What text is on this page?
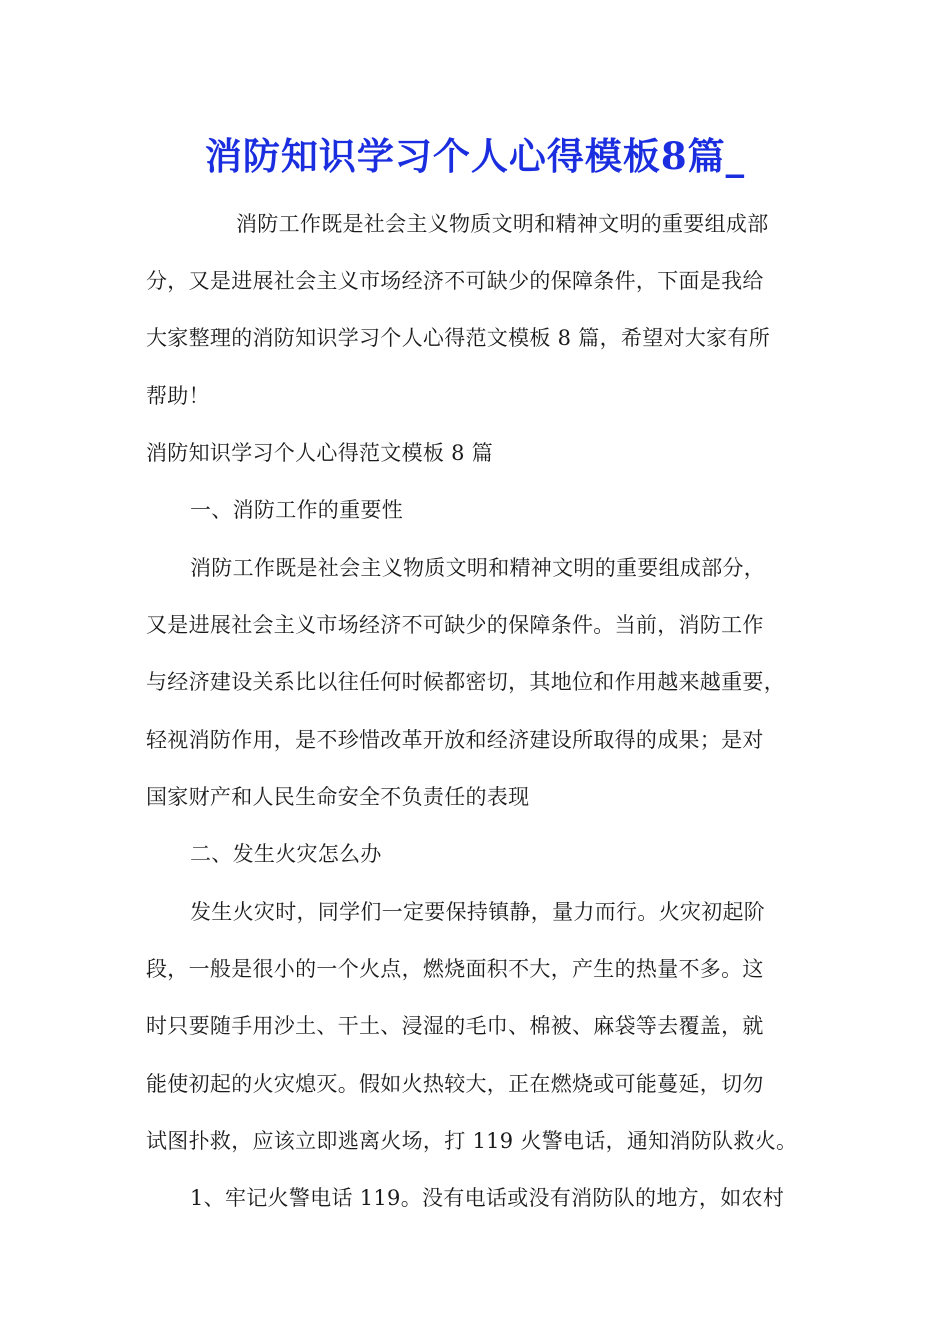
消防知识学习个人心得模板8篇_
消防工作既是社会主义物质文明和精神文明的重要组成部
分，又是进展社会主义市场经济不可缺少的保障条件，下面是我给
大家整理的消防知识学习个人心得范文模板 8 篇，希望对大家有所
帮助！
消防知识学习个人心得范文模板 8 篇
一、消防工作的重要性
消防工作既是社会主义物质文明和精神文明的重要组成部分，
又是进展社会主义市场经济不可缺少的保障条件。当前，消防工作
与经济建设关系比以往任何时候都密切，其地位和作用越来越重要，
轻视消防作用，是不珍惜改革开放和经济建设所取得的成果；是对
国家财产和人民生命安全不负责任的表现
二、发生火灾怎么办
发生火灾时，同学们一定要保持镇静，量力而行。火灾初起阶
段，一般是很小的一个火点，燃烧面积不大，产生的热量不多。这
时只要随手用沙土、干土、浸湿的毛巾、棉被、麻袋等去覆盖，就
能使初起的火灾熄灭。假如火热较大，正在燃烧或可能蔓延，切勿
试图扑救，应该立即逃离火场，打 119 火警电话，通知消防队救火。
1、牢记火警电话 119。没有电话或没有消防队的地方，如农村
